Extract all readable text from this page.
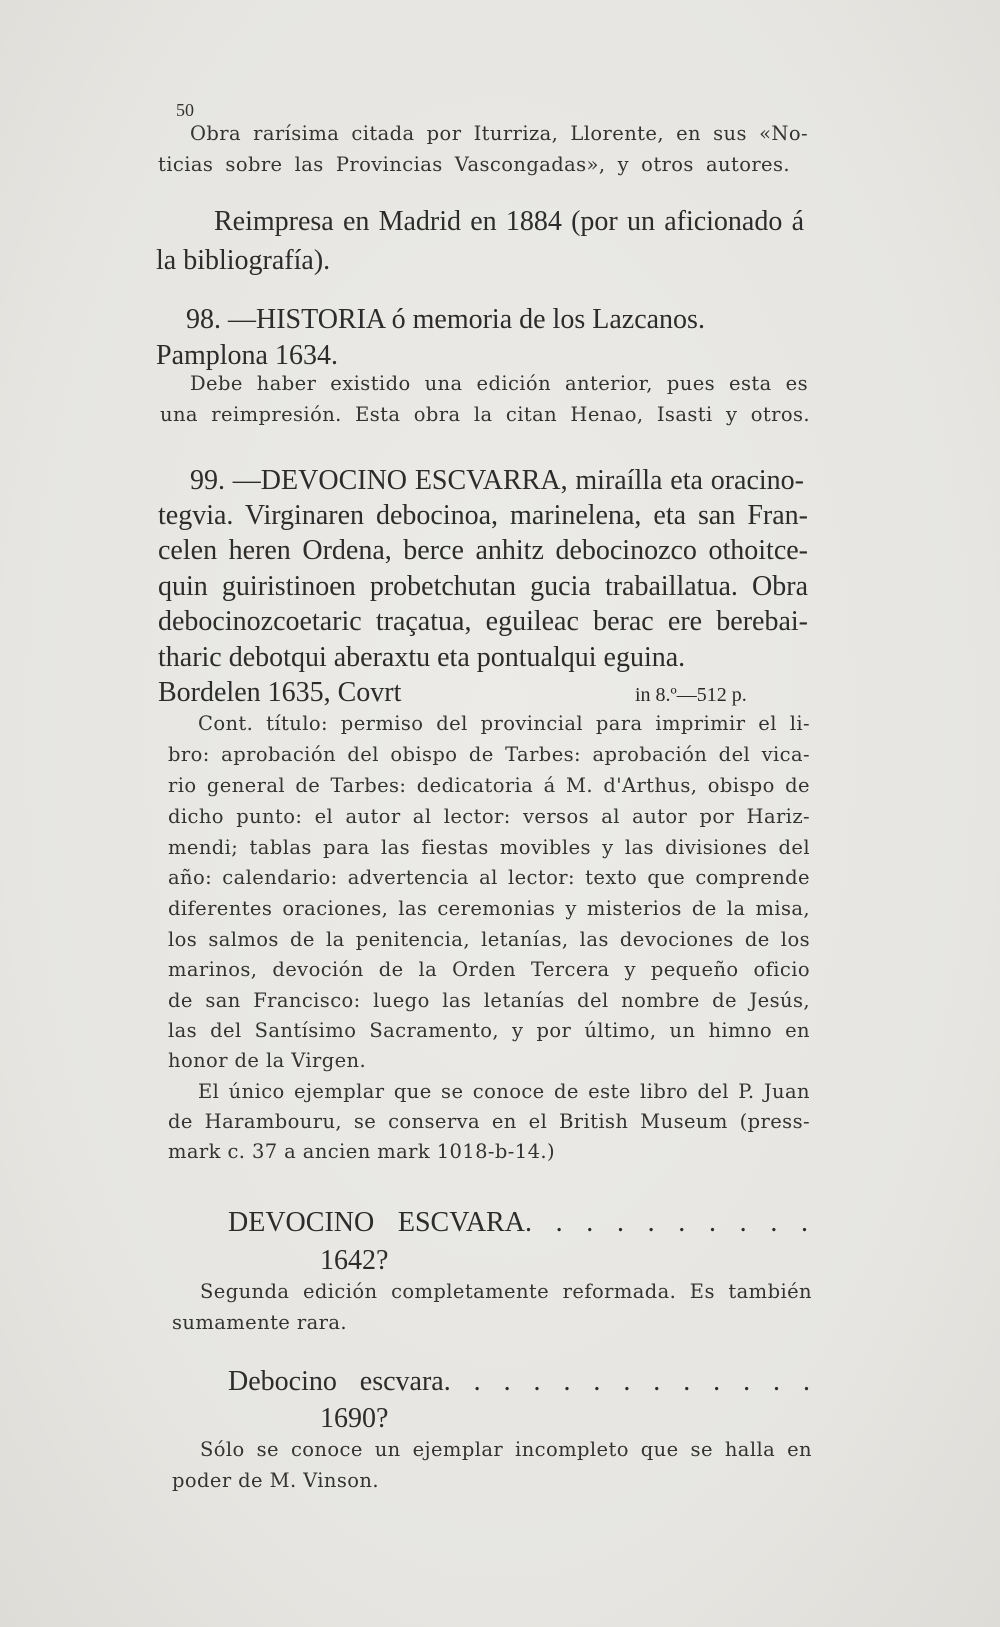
50

Obra rarísima citada por Iturriza, Llorente, en sus «No-

ticias sobre las Provincias Vascongadas», y otros autores.

Reimpresa en Madrid en 1884 (por un aficionado á

la bibliografía).

98. —HISTORIA ó memoria de los Lazcanos.

Pamplona 1634.

Debe haber existido una edición anterior, pues esta es

una reimpresión. Esta obra la citan Henao, Isasti y otros.

99. —DEVOCINO ESCVARRA, miraílla eta oracino-

tegvia. Virginaren debocinoa, marinelena, eta san Fran-

celen heren Ordena, berce anhitz debocinozco othoitce-

quin guiristinoen probetchutan gucia trabaillatua. Obra

debocinozcoetaric traçatua, eguileac berac ere berebai-

tharic debotqui aberaxtu eta pontualqui eguina.

Bordelen 1635, Covrt	in 8.º—512 p.

Cont. título: permiso del provincial para imprimir el li-

bro: aprobación del obispo de Tarbes: aprobación del vica-

rio general de Tarbes: dedicatoria á M. d'Arthus, obispo de

dicho punto: el autor al lector: versos al autor por Hariz-

mendi; tablas para las fiestas movibles y las divisiones del

año: calendario: advertencia al lector: texto que comprende

diferentes oraciones, las ceremonias y misterios de la misa,

los salmos de la penitencia, letanías, las devociones de los

marinos, devoción de la Orden Tercera y pequeño oficio

de san Francisco: luego las letanías del nombre de Jesús,

las del Santísimo Sacramento, y por último, un himno en

honor de la Virgen.

El único ejemplar que se conoce de este libro del P. Juan

de Harambouru, se conserva en el British Museum (press-

mark c. 37 a ancien mark 1018-b-14.)

DEVOCINO ESCVARA. . . . . . . . . .

1642?

Segunda edición completamente reformada. Es también

sumamente rara.

Debocino escvara. . . . . . . . . . . . .

1690?

Sólo se conoce un ejemplar incompleto que se halla en

poder de M. Vinson.
